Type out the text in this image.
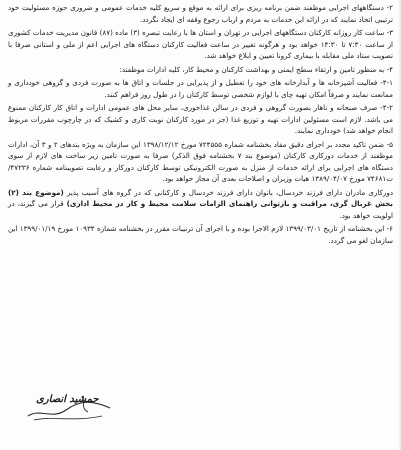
۲- دستگاههای اجرایی موظفند ضمن برنامه ریزی برای ارائه به موقع و سریع کلیه خدمات عمومی و ضروری حوزه مسئولیت خود ترتیبی اتخاذ نمایند که در ارائه این خدمات به مردم و ارباب رجوع وقفه ای ایجاد نگردد.

۳- ساعت کار روزانه کارکنان دستگاههای اجرایی در تهران و استان ها با رعایت تبصره (۳) ماده (۸۷) قانون مدیریت خدمات کشوری از ساعت ۷:۳۰ تا ۱۴:۳۰ خواهد بود و هرگونه تغییر در ساعت فعالیت کارکنان دستگاه های اجرایی اعم از ملی و استانی صرفا با تصویب ستاد ملی مقابله با بیماری کرونا تعیین و ابلاغ خواهد شد.

۴- به منظور تامین و ارتقاء سطح ایمنی و بهداشت کارکنان و محیط کار، کلیه ادارات موظفند:

۴-۱- فعالیت آشپزخانه ها و آبدارخانه های خود را تعطیل و از پذیرایی در جلسات و اتاق ها به صورت فردی و گروهی خودداری و ممانعت نمایند و صرفاً امکان تهیه چای با لوازم شخصی توسط کارکنان را در طول روز فراهم کنند.

۴-۲- صرف صبحانه و ناهار بصورت گروهی و فردی در سالن غذاخوری، سایر محل های عمومی ادارات و اتاق کار کارکنان ممنوع می باشد. لازم است مسئولین ادارات تهیه و توزیع غذا (جز در مورد کارکنان نوبت کاری و کشیک که در چارچوب مقررات مربوط انجام خواهد شد) خودداری نمایند.

۵- ضمن تاکید مجدد بر اجرای دقیق مفاد بخشنامه شماره ۷۲۴۵۵۵ مورخ ۱۳۹۸/۱۲/۱۲ این سازمان به ویژه بندهای ۲ و ۳ آن، ادارات موظفند از خدمات دورکاری کارکنان (موضوع بند ۷ بخشنامه فوق الذکر) صرفا به صورت تامین زیر ساخت های لازم از سوی دستگاه های اجرایی برای ارائه خدمات از منزل به صورت الکترونیکی توسط کارکنان دورکار و رعایت تصویبنامه شماره ۴۷۲۳۶/ت۷۴۶۸۱ مورخ ۱۳۸۹/۰۴/۰۷ هیات وزیران و اصلاحات بعدی آن مجاز خواهد بود.

دورکاری مادران دارای فرزند خردسال، بانوان دارای فرزند خردسال و کارکنانی که در گروه های آسیب پذیر (موضوع بند (۲) بخش غربال گری، مراقبت و بازتوانی راهنمای الزامات سلامت محیط و کار در محیط اداری) قرار می گیرند، در اولویت خواهد بود.

۶- این بخشنامه از تاریخ ۱۳۹۹/۰۳/۰۱ لازم الاجرا بوده و با اجرای آن ترتیبات مقرر در بخشنامه شماره ۱۰۹۳۴ مورخ ۱۳۹۹/۰۱/۱۹ این سازمان لغو می گردد.

جمشید انصاری
